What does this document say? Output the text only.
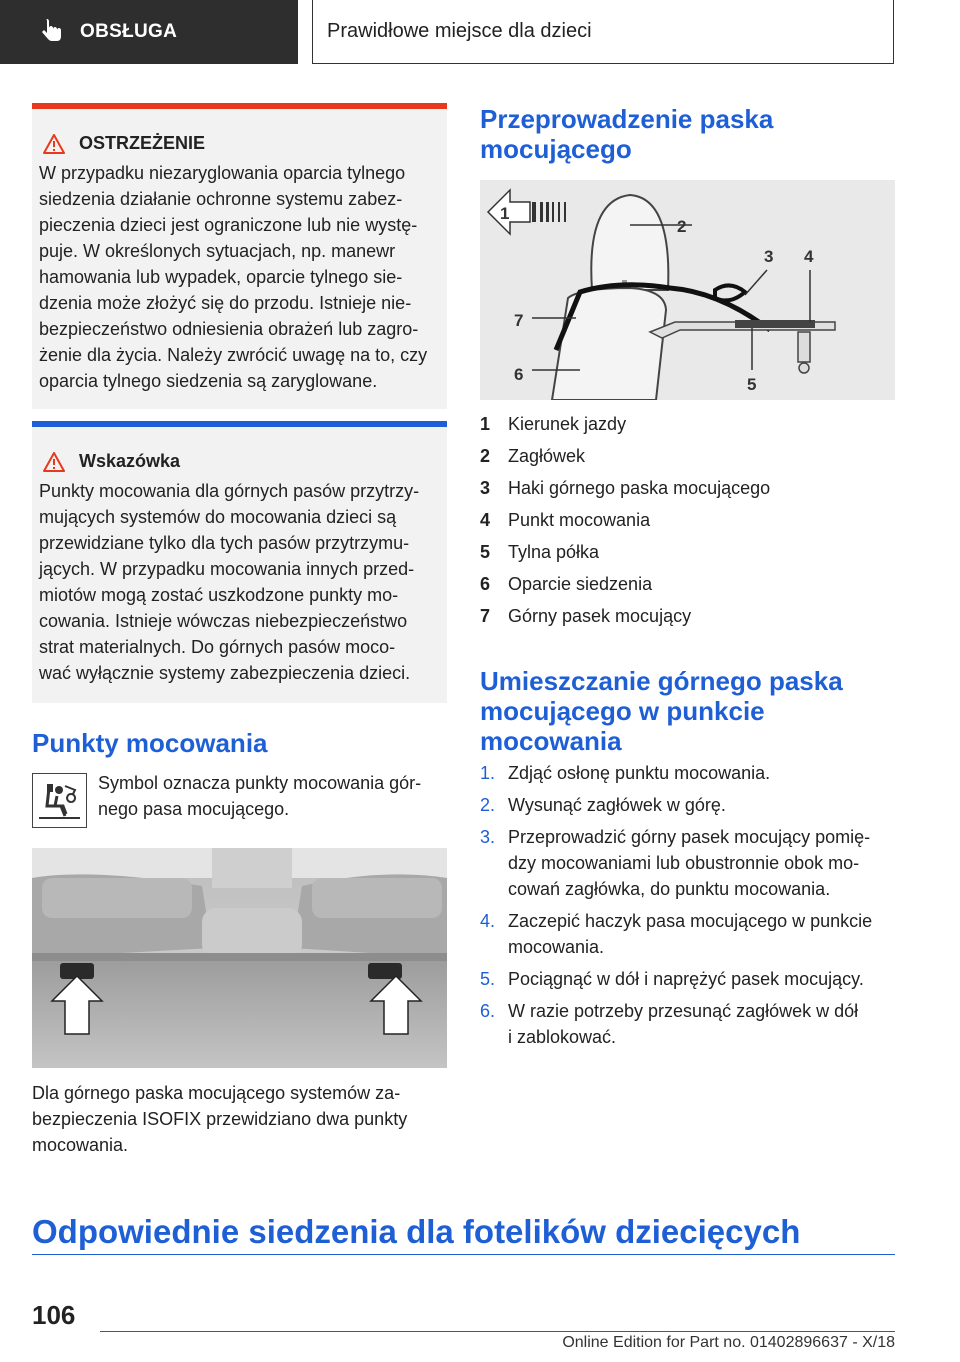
OBSŁUGA	Prawidłowe miejsce dla dzieci
OSTRZEŻENIE
W przypadku niezaryglowania oparcia tylnego
siedzenia działanie ochronne systemu zabez-
pieczenia dzieci jest ograniczone lub nie wystę-
puje. W określonych sytuacjach, np. manewr
hamowania lub wypadek, oparcie tylnego sie-
dzenia może złożyć się do przodu. Istnieje nie-
bezpieczeństwo odniesienia obrażeń lub zagro-
żenie dla życia. Należy zwrócić uwagę na to, czy
oparcia tylnego siedzenia są zaryglowane.
Wskazówka
Punkty mocowania dla górnych pasów przytrzy-
mujących systemów do mocowania dzieci są
przewidziane tylko dla tych pasów przytrzymu-
jących. W przypadku mocowania innych przed-
miotów mogą zostać uszkodzone punkty mo-
cowania. Istnieje wówczas niebezpieczeństwo
strat materialnych. Do górnych pasów moco-
wać wyłącznie systemy zabezpieczenia dzieci.
Punkty mocowania
Symbol oznacza punkty mocowania gór-
nego pasa mocującego.
Dla górnego paska mocującego systemów za-
bezpieczenia ISOFIX przewidziano dwa punkty
mocowania.
Przeprowadzenie paska
mocującego
1
2
3 4
5
6
7
1 Kierunek jazdy
2 Zagłówek
3 Haki górnego paska mocującego
4 Punkt mocowania
5 Tylna półka
6 Oparcie siedzenia
7 Górny pasek mocujący
Umieszczanie górnego paska
mocującego w punkcie
mocowania
1. Zdjąć osłonę punktu mocowania.
2. Wysunąć zagłówek w górę.
3. Przeprowadzić górny pasek mocujący pomię-
dzy mocowaniami lub obustronnie obok mo-
cowań zagłówka, do punktu mocowania.
4. Zaczepić haczyk pasa mocującego w punkcie
mocowania.
5. Pociągnąć w dół i naprężyć pasek mocujący.
6. W razie potrzeby przesunąć zagłówek w dół
i zablokować.
Odpowiednie siedzenia dla fotelików dziecięcych
106
Online Edition for Part no. 01402896637 - X/18
